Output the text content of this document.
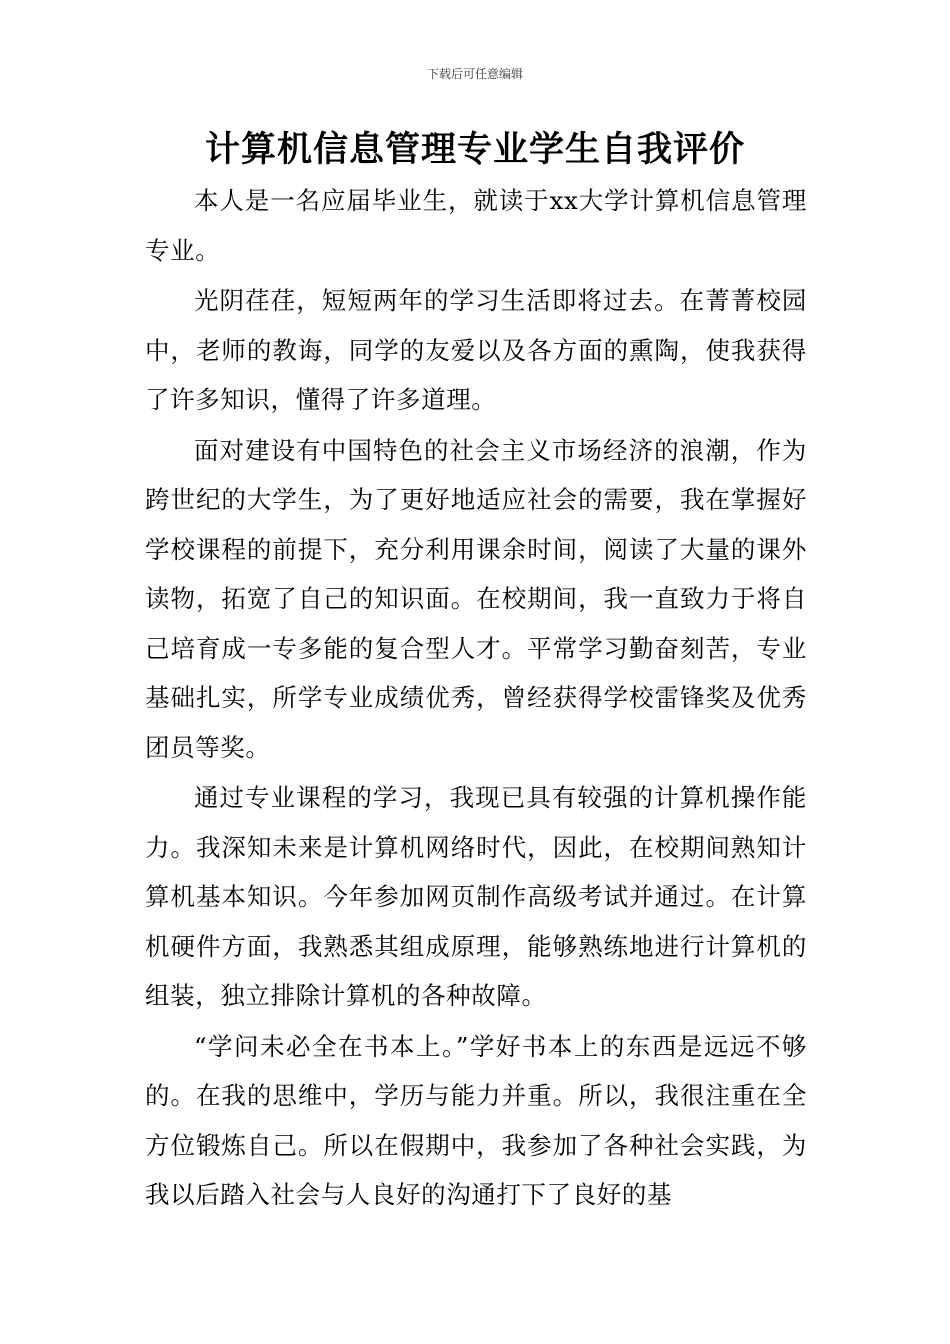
下载后可任意编辑
计算机信息管理专业学生自我评价

本人是一名应届毕业生，就读于xx大学计算机信息管理专业。

光阴荏荏，短短两年的学习生活即将过去。在菁菁校园中，老师的教诲，同学的友爱以及各方面的熏陶，使我获得了许多知识，懂得了许多道理。

面对建设有中国特色的社会主义市场经济的浪潮，作为跨世纪的大学生，为了更好地适应社会的需要，我在掌握好学校课程的前提下，充分利用课余时间，阅读了大量的课外读物，拓宽了自己的知识面。在校期间，我一直致力于将自己培育成一专多能的复合型人才。平常学习勤奋刻苦，专业基础扎实，所学专业成绩优秀，曾经获得学校雷锋奖及优秀团员等奖。

通过专业课程的学习，我现已具有较强的计算机操作能力。我深知未来是计算机网络时代，因此，在校期间熟知计算机基本知识。今年参加网页制作高级考试并通过。在计算机硬件方面，我熟悉其组成原理，能够熟练地进行计算机的组装，独立排除计算机的各种故障。

“学问未必全在书本上。”学好书本上的东西是远远不够的。在我的思维中，学历与能力并重。所以，我很注重在全方位锻炼自己。所以在假期中，我参加了各种社会实践，为我以后踏入社会与人良好的沟通打下了良好的基
